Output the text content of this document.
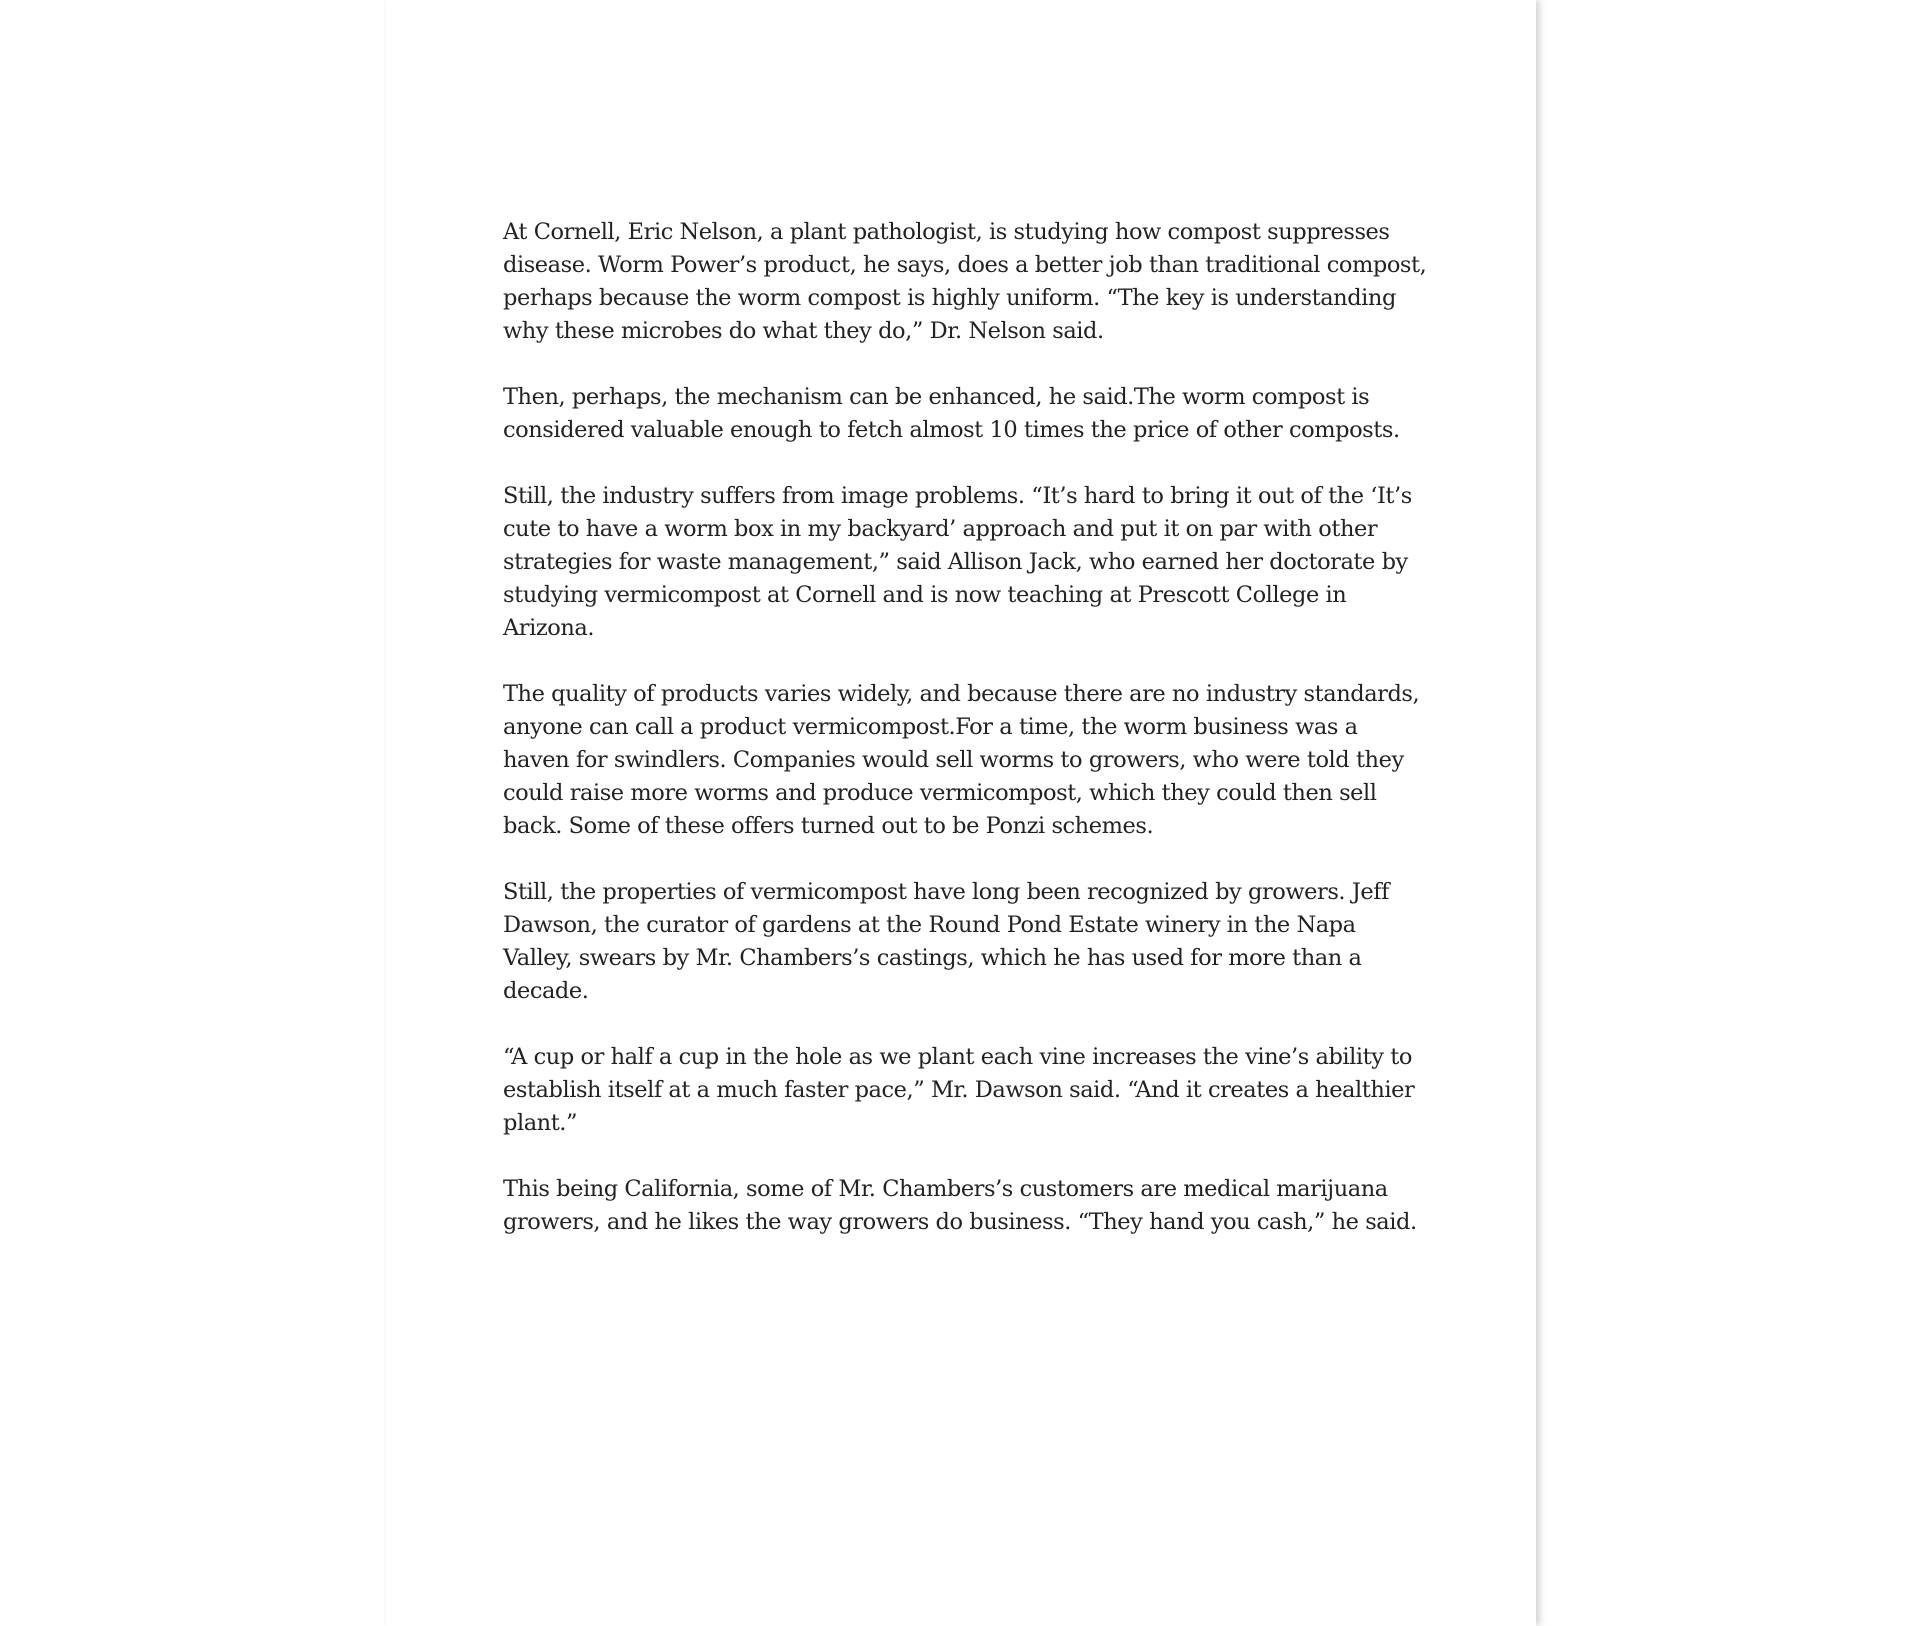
At Cornell, Eric Nelson, a plant pathologist, is studying how compost suppresses disease. Worm Power’s product, he says, does a better job than traditional compost, perhaps because the worm compost is highly uniform. “The key is understanding why these microbes do what they do,” Dr. Nelson said.

Then, perhaps, the mechanism can be enhanced, he said.The worm compost is considered valuable enough to fetch almost 10 times the price of other composts.

Still, the industry suffers from image problems. “It’s hard to bring it out of the ‘It’s cute to have a worm box in my backyard’ approach and put it on par with other strategies for waste management,” said Allison Jack, who earned her doctorate by studying vermicompost at Cornell and is now teaching at Prescott College in Arizona.

The quality of products varies widely, and because there are no industry standards, anyone can call a product vermicompost.For a time, the worm business was a haven for swindlers. Companies would sell worms to growers, who were told they could raise more worms and produce vermicompost, which they could then sell back. Some of these offers turned out to be Ponzi schemes.

Still, the properties of vermicompost have long been recognized by growers. Jeff Dawson, the curator of gardens at the Round Pond Estate winery in the Napa Valley, swears by Mr. Chambers’s castings, which he has used for more than a decade.

“A cup or half a cup in the hole as we plant each vine increases the vine’s ability to establish itself at a much faster pace,” Mr. Dawson said. “And it creates a healthier plant.”

This being California, some of Mr. Chambers’s customers are medical marijuana growers, and he likes the way growers do business. “They hand you cash,” he said.
